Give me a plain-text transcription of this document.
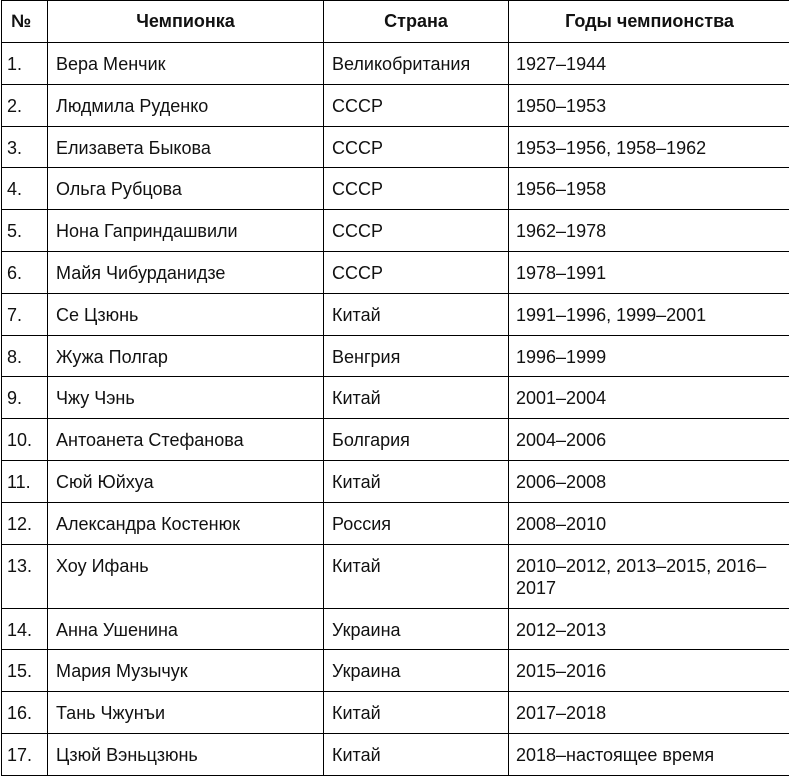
№	Чемпионка	Страна	Годы чемпионства
1.	Вера Менчик	Великобритания	1927–1944
2.	Людмила Руденко	СССР	1950–1953
3.	Елизавета Быкова	СССР	1953–1956, 1958–1962
4.	Ольга Рубцова	СССР	1956–1958
5.	Нона Гаприндашвили	СССР	1962–1978
6.	Майя Чибурданидзе	СССР	1978–1991
7.	Се Цзюнь	Китай	1991–1996, 1999–2001
8.	Жужа Полгар	Венгрия	1996–1999
9.	Чжу Чэнь	Китай	2001–2004
10.	Антоанета Стефанова	Болгария	2004–2006
11.	Сюй Юйхуа	Китай	2006–2008
12.	Александра Костенюк	Россия	2008–2010
13.	Хоу Ифань	Китай	2010–2012, 2013–2015, 2016–2017
14.	Анна Ушенина	Украина	2012–2013
15.	Мария Музычук	Украина	2015–2016
16.	Тань Чжунъи	Китай	2017–2018
17.	Цзюй Вэньцзюнь	Китай	2018–настоящее время
